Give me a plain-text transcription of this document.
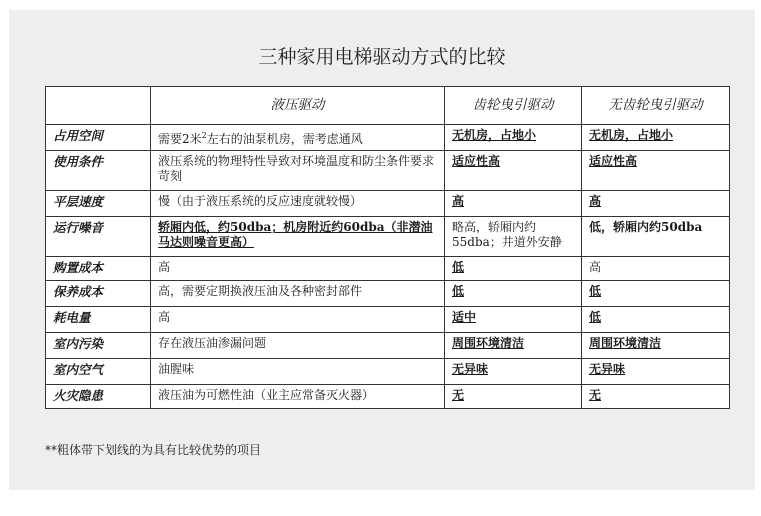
三种家用电梯驱动方式的比较
	液压驱动	齿轮曳引驱动	无齿轮曳引驱动
占用空间	需要2米$^2$左右的油泵机房，需考虑通风	无机房，占地小	无机房，占地小
使用条件	液压系统的物理特性导致对环境温度和防尘条件要求苛刻	适应性高	适应性高
平层速度	慢（由于液压系统的反应速度就较慢）	高	高
运行噪音	轿厢内低，约50dba；机房附近约60dba（非潜油马达则噪音更高）	略高，轿厢内约55dba；井道外安静	低，轿厢内约50dba
购置成本	高	低	高
保养成本	高，需要定期换液压油及各种密封部件	低	低
耗电量	高	适中	低
室内污染	存在液压油渗漏问题	周围环境清洁	周围环境清洁
室内空气	油腥味	无异味	无异味
火灾隐患	液压油为可燃性油（业主应常备灭火器）	无	无
**粗体带下划线的为具有比较优势的项目
